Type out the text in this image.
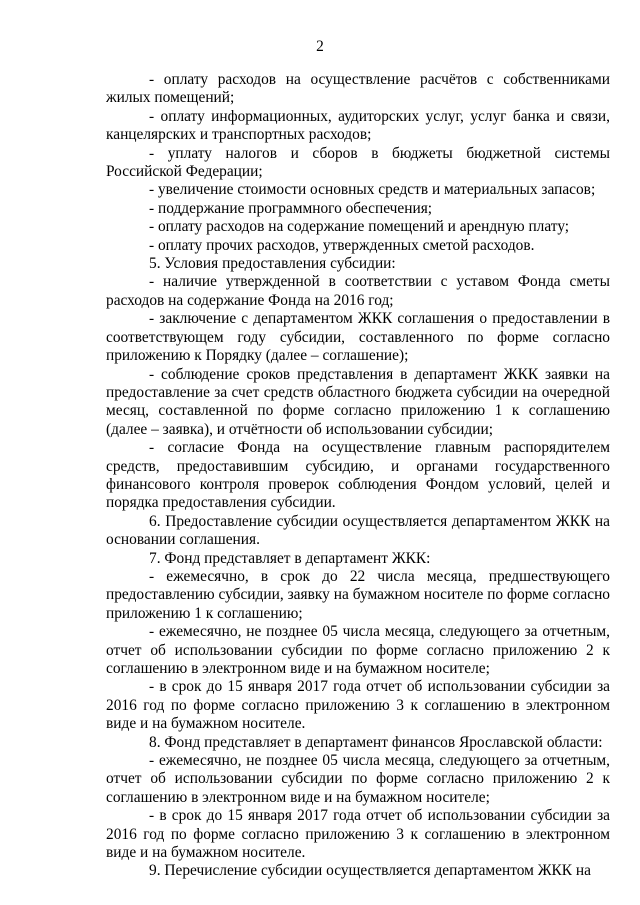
2

- оплату расходов на осуществление расчётов с собственниками жилых помещений;

- оплату информационных, аудиторских услуг, услуг банка и связи, канцелярских и транспортных расходов;

- уплату налогов и сборов в бюджеты бюджетной системы Российской Федерации;

- увеличение стоимости основных средств и материальных запасов;

- поддержание программного обеспечения;

- оплату расходов на содержание помещений и арендную плату;

- оплату прочих расходов, утвержденных сметой расходов.

5. Условия предоставления субсидии:

- наличие утвержденной в соответствии с уставом Фонда сметы расходов на содержание Фонда на 2016 год;

- заключение с департаментом ЖКК соглашения о предоставлении в соответствующем году субсидии, составленного по форме согласно приложению к Порядку (далее – соглашение);

- соблюдение сроков представления в департамент ЖКК заявки на предоставление за счет средств областного бюджета субсидии на очередной месяц, составленной по форме согласно приложению 1 к соглашению (далее – заявка), и отчётности об использовании субсидии;

- согласие Фонда на осуществление главным распорядителем средств, предоставившим субсидию, и органами государственного финансового контроля проверок соблюдения Фондом условий, целей и порядка предоставления субсидии.

6. Предоставление субсидии осуществляется департаментом ЖКК на основании соглашения.

7. Фонд представляет в департамент ЖКК:

- ежемесячно, в срок до 22 числа месяца, предшествующего предоставлению субсидии, заявку на бумажном носителе по форме согласно приложению 1 к соглашению;

- ежемесячно, не позднее 05 числа месяца, следующего за отчетным, отчет об использовании субсидии по форме согласно приложению 2 к соглашению в электронном виде и на бумажном носителе;

- в срок до 15 января 2017 года отчет об использовании субсидии за 2016 год по форме согласно приложению 3 к соглашению в электронном виде и на бумажном носителе.

8. Фонд представляет в департамент финансов Ярославской области:

- ежемесячно, не позднее 05 числа месяца, следующего за отчетным, отчет об использовании субсидии по форме согласно приложению 2 к соглашению в электронном виде и на бумажном носителе;

- в срок до 15 января 2017 года отчет об использовании субсидии за 2016 год по форме согласно приложению 3 к соглашению в электронном виде и на бумажном носителе.

9. Перечисление субсидии осуществляется департаментом ЖКК на
